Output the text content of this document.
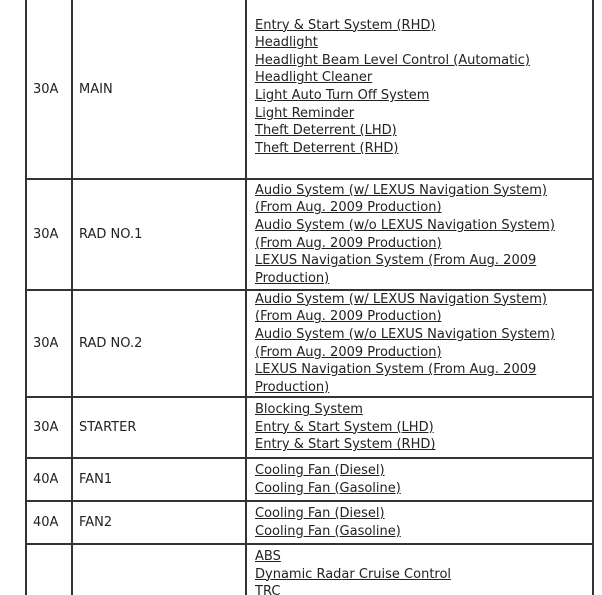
30A	MAIN
Entry & Start System (RHD)
Headlight
Headlight Beam Level Control (Automatic)
Headlight Cleaner
Light Auto Turn Off System
Light Reminder
Theft Deterrent (LHD)
Theft Deterrent (RHD)
30A	RAD NO.1
Audio System (w/ LEXUS Navigation System)
(From Aug. 2009 Production)
Audio System (w/o LEXUS Navigation System)
(From Aug. 2009 Production)
LEXUS Navigation System (From Aug. 2009
Production)
30A	RAD NO.2
Audio System (w/ LEXUS Navigation System)
(From Aug. 2009 Production)
Audio System (w/o LEXUS Navigation System)
(From Aug. 2009 Production)
LEXUS Navigation System (From Aug. 2009
Production)
30A	STARTER
Blocking System
Entry & Start System (LHD)
Entry & Start System (RHD)
40A	FAN1
Cooling Fan (Diesel)
Cooling Fan (Gasoline)
40A	FAN2
Cooling Fan (Diesel)
Cooling Fan (Gasoline)
ABS
Dynamic Radar Cruise Control
TRC
